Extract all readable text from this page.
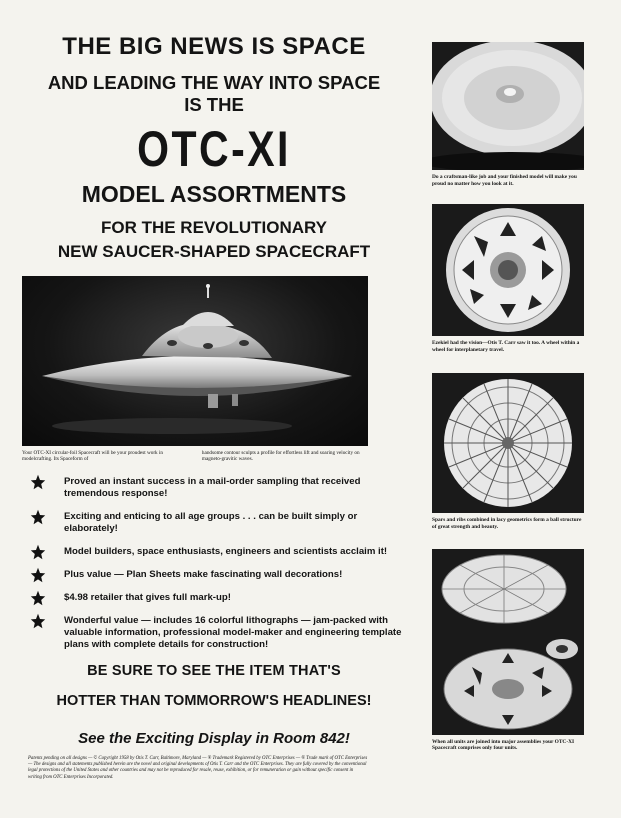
THE BIG NEWS IS SPACE
AND LEADING THE WAY INTO SPACE
IS THE
OTC-XI
MODEL ASSORTMENTS
FOR THE REVOLUTIONARY
NEW SAUCER-SHAPED SPACECRAFT
Your OTC-XI circular-foil Spacecraft will be your proudest work in modelcrafting. Its Spaceform of
handsome contour sculpts a profile for effortless lift and soaring velocity on magneto-gravitic waves.
Proved an instant success in a mail-order sampling that received tremendous response!
Exciting and enticing to all age groups . . . can be built simply or elaborately!
Model builders, space enthusiasts, engineers and scientists acclaim it!
Plus value — Plan Sheets make fascinating wall decorations!
$4.98 retailer that gives full mark-up!
Wonderful value — includes 16 colorful lithographs — jam-packed with valuable information, professional model-maker and engineering template plans with complete details for construction!
BE SURE TO SEE THE ITEM THAT'S
HOTTER THAN TOMMORROW'S HEADLINES!
See the Exciting Display in Room 842!
Patents pending on all designs — © Copyright 1958 by Otis T. Carr, Baltimore, Maryland — ® Trademark Registered by OTC Enterprises — ® Trade mark of OTC Enterprises — The designs and all statements published herein are the novel and original developments of Otis T. Carr and the OTC Enterprises. They are fully covered by the conventional legal protections of the United States and other countries and may not be reproduced for resale, reuse, exhibition, or for remuneration or gain without specific consent in writing from OTC Enterprises Incorporated.
Do a craftsman-like job and your finished model will make you proud no matter how you look at it.
Ezekiel had the vision—Otis T. Carr saw it too. A wheel within a wheel for interplanetary travel.
Spars and ribs combined in lacy geometrics form a ball structure of great strength and beauty.
When all units are joined into major assemblies your OTC-XI Spacecraft comprises only four units.
